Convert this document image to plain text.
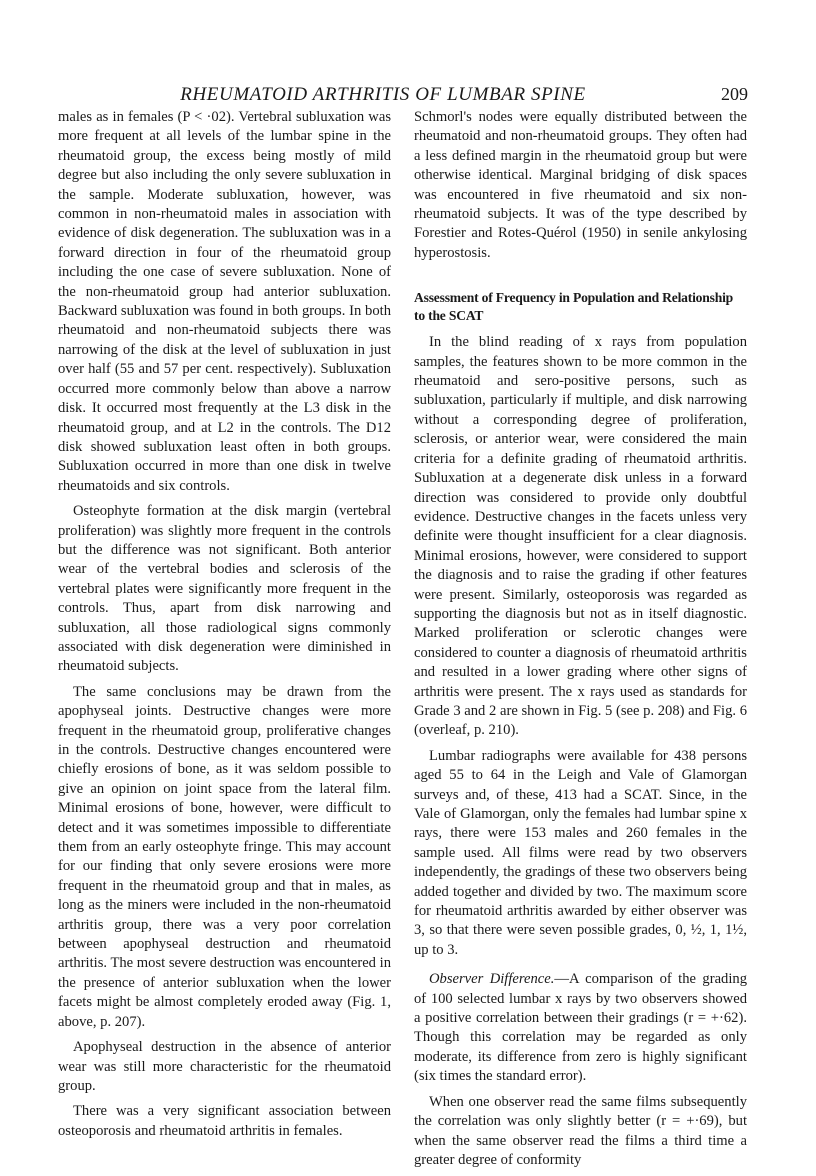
RHEUMATOID ARTHRITIS OF LUMBAR SPINE	209

males as in females (P < ·02). Vertebral subluxation was more frequent at all levels of the lumbar spine in the rheumatoid group, the excess being mostly of mild degree but also including the only severe subluxation in the sample. Moderate subluxation, however, was common in non-rheumatoid males in association with evidence of disk degeneration. The subluxation was in a forward direction in four of the rheumatoid group including the one case of severe subluxation. None of the non-rheumatoid group had anterior subluxation. Backward subluxation was found in both groups. In both rheumatoid and non-rheumatoid subjects there was narrowing of the disk at the level of subluxation in just over half (55 and 57 per cent. respectively). Subluxation occurred more commonly below than above a narrow disk. It occurred most frequently at the L3 disk in the rheumatoid group, and at L2 in the controls. The D12 disk showed subluxation least often in both groups. Subluxation occurred in more than one disk in twelve rheumatoids and six controls.

Osteophyte formation at the disk margin (vertebral proliferation) was slightly more frequent in the controls but the difference was not significant. Both anterior wear of the vertebral bodies and sclerosis of the vertebral plates were significantly more frequent in the controls. Thus, apart from disk narrowing and subluxation, all those radiological signs commonly associated with disk degeneration were diminished in rheumatoid subjects.

The same conclusions may be drawn from the apophyseal joints. Destructive changes were more frequent in the rheumatoid group, proliferative changes in the controls. Destructive changes encountered were chiefly erosions of bone, as it was seldom possible to give an opinion on joint space from the lateral film. Minimal erosions of bone, however, were difficult to detect and it was sometimes impossible to differentiate them from an early osteophyte fringe. This may account for our finding that only severe erosions were more frequent in the rheumatoid group and that in males, as long as the miners were included in the non-rheumatoid arthritis group, there was a very poor correlation between apophyseal destruction and rheumatoid arthritis. The most severe destruction was encountered in the presence of anterior subluxation when the lower facets might be almost completely eroded away (Fig. 1, above, p. 207).

Apophyseal destruction in the absence of anterior wear was still more characteristic for the rheumatoid group.

There was a very significant association between osteoporosis and rheumatoid arthritis in females.

Schmorl's nodes were equally distributed between the rheumatoid and non-rheumatoid groups. They often had a less defined margin in the rheumatoid group but were otherwise identical. Marginal bridging of disk spaces was encountered in five rheumatoid and six non-rheumatoid subjects. It was of the type described by Forestier and Rotes-Quérol (1950) in senile ankylosing hyperostosis.

Assessment of Frequency in Population and Relationship to the SCAT

In the blind reading of x rays from population samples, the features shown to be more common in the rheumatoid and sero-positive persons, such as subluxation, particularly if multiple, and disk narrowing without a corresponding degree of proliferation, sclerosis, or anterior wear, were considered the main criteria for a definite grading of rheumatoid arthritis. Subluxation at a degenerate disk unless in a forward direction was considered to provide only doubtful evidence. Destructive changes in the facets unless very definite were thought insufficient for a clear diagnosis. Minimal erosions, however, were considered to support the diagnosis and to raise the grading if other features were present. Similarly, osteoporosis was regarded as supporting the diagnosis but not as in itself diagnostic. Marked proliferation or sclerotic changes were considered to counter a diagnosis of rheumatoid arthritis and resulted in a lower grading where other signs of arthritis were present. The x rays used as standards for Grade 3 and 2 are shown in Fig. 5 (see p. 208) and Fig. 6 (overleaf, p. 210).

Lumbar radiographs were available for 438 persons aged 55 to 64 in the Leigh and Vale of Glamorgan surveys and, of these, 413 had a SCAT. Since, in the Vale of Glamorgan, only the females had lumbar spine x rays, there were 153 males and 260 females in the sample used. All films were read by two observers independently, the gradings of these two observers being added together and divided by two. The maximum score for rheumatoid arthritis awarded by either observer was 3, so that there were seven possible grades, 0, ½, 1, 1½, up to 3.

Observer Difference.—A comparison of the grading of 100 selected lumbar x rays by two observers showed a positive correlation between their gradings (r = +·62). Though this correlation may be regarded as only moderate, its difference from zero is highly significant (six times the standard error).

When one observer read the same films subsequently the correlation was only slightly better (r = +·69), but when the same observer read the films a third time a greater degree of conformity
